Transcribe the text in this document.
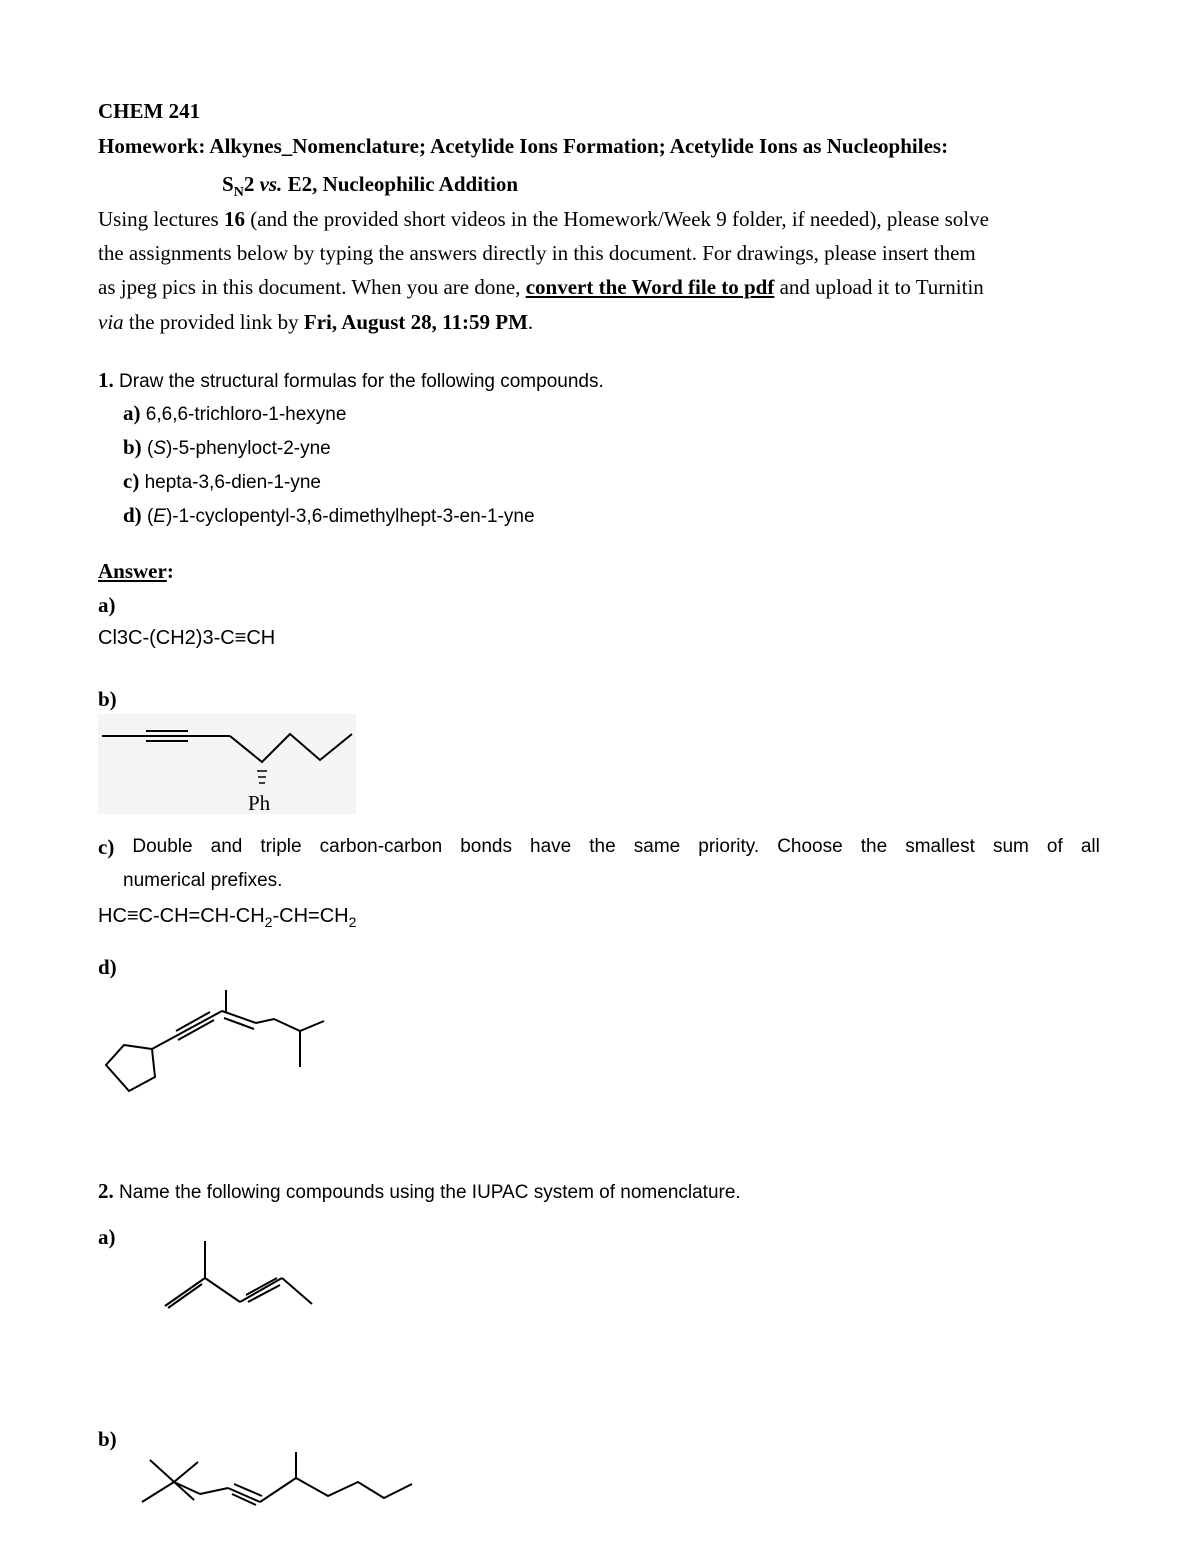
CHEM 241
Homework: Alkynes_Nomenclature; Acetylide Ions Formation; Acetylide Ions as Nucleophiles:
$S_N2$ vs. E2, Nucleophilic Addition
Using lectures 16 (and the provided short videos in the Homework/Week 9 folder, if needed), please solve
the assignments below by typing the answers directly in this document. For drawings, please insert them
as jpeg pics in this document. When you are done, convert the Word file to pdf and upload it to Turnitin
via the provided link by Fri, August 28, 11:59 PM.
1. Draw the structural formulas for the following compounds.
a) 6,6,6-trichloro-1-hexyne
b) (S)-5-phenyloct-2-yne
c) hepta-3,6-dien-1-yne
d) (E)-1-cyclopentyl-3,6-dimethylhept-3-en-1-yne
Answer:
a)
Cl3C-(CH2)3-C≡CH
b)
Ph
c) Double and triple carbon-carbon bonds have the same priority. Choose the smallest sum of all
numerical prefixes.
$HC\equiv C-CH=CH-CH_2-CH=CH_2$
d)
2. Name the following compounds using the IUPAC system of nomenclature.
a)
b)
